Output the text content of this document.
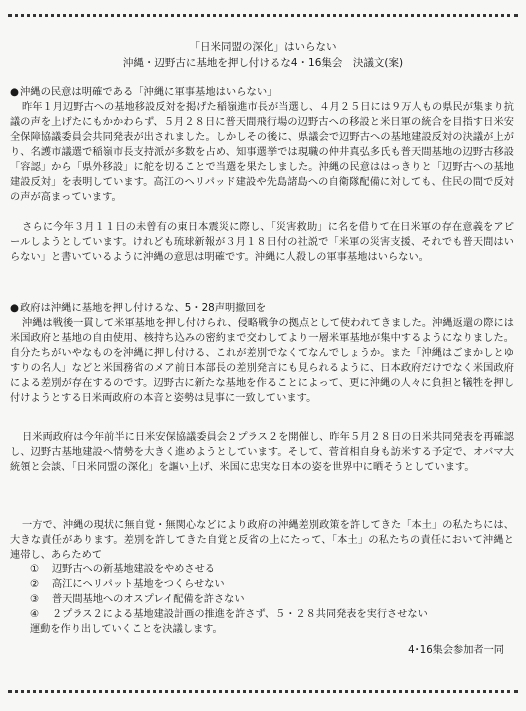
「日米同盟の深化」はいらない
沖縄・辺野古に基地を押し付けるな4・16集会　決議文(案)
●沖縄の民意は明確である「沖縄に軍事基地はいらない」
昨年１月辺野古への基地移設反対を掲げた稲嶺進市長が当選し、４月２５日には９万人もの県民が集まり抗議の声を上げたにもかかわらず、５月２８日に普天間飛行場の辺野古への移設と米日軍の統合を目指す日米安全保障協議委員会共同発表が出されました。しかしその後に、県議会で辺野古への基地建設反対の決議が上がり、名護市議選で稲嶺市長支持派が多数を占め、知事選挙では現職の仲井真弘多氏も普天間基地の辺野古移設「容認」から「県外移設」に舵を切ることで当選を果たしました。沖縄の民意ははっきりと「辺野古への基地建設反対」を表明しています。高江のヘリパッド建設や先島諸島への自衛隊配備に対しても、住民の間で反対の声が高まっています。
さらに今年３月１１日の未曾有の東日本震災に際し、「災害救助」に名を借りて在日米軍の存在意義をアピールしようとしています。けれども琉球新報が３月１８日付の社説で「米軍の災害支援、それでも普天間はいらない」と書いているように沖縄の意思は明確です。沖縄に人殺しの軍事基地はいらない。
●政府は沖縄に基地を押し付けるな、5・28声明撤回を
沖縄は戦後一貫して米軍基地を押し付けられ、侵略戦争の拠点として使われてきました。沖縄返還の際には米国政府と基地の自由使用、核持ち込みの密約まで交わしてより一層米軍基地が集中するようになりました。自分たちがいやなものを沖縄に押し付ける、これが差別でなくてなんでしょうか。また「沖縄はごまかしとゆすりの名人」などと米国務省のメア前日本部長の差別発言にも見られるように、日本政府だけでなく米国政府による差別が存在するのです。辺野古に新たな基地を作ることによって、更に沖縄の人々に負担と犠牲を押し付けようとする日米両政府の本音と姿勢は見事に一致しています。
日米両政府は今年前半に日米安保協議委員会２プラス２を開催し、昨年５月２８日の日米共同発表を再確認し、辺野古基地建設へ情勢を大きく進めようとしています。そして、菅首相自身も訪米する予定で、オバマ大統領と会談、「日米同盟の深化」を謳い上げ、米国に忠実な日本の姿を世界中に晒そうとしています。
一方で、沖縄の現状に無自覚・無関心などにより政府の沖縄差別政策を許してきた「本土」の私たちには、大きな責任があります。差別を許してきた自覚と反省の上にたって、「本土」の私たちの責任において沖縄と連帯し、あらためて
① 辺野古への新基地建設をやめさせる
② 高江にヘリパット基地をつくらせない
③ 普天間基地へのオスプレイ配備を許さない
④ ２プラス２による基地建設計画の推進を許さず、５・２８共同発表を実行させない
運動を作り出していくことを決議します。
4･16集会参加者一同
